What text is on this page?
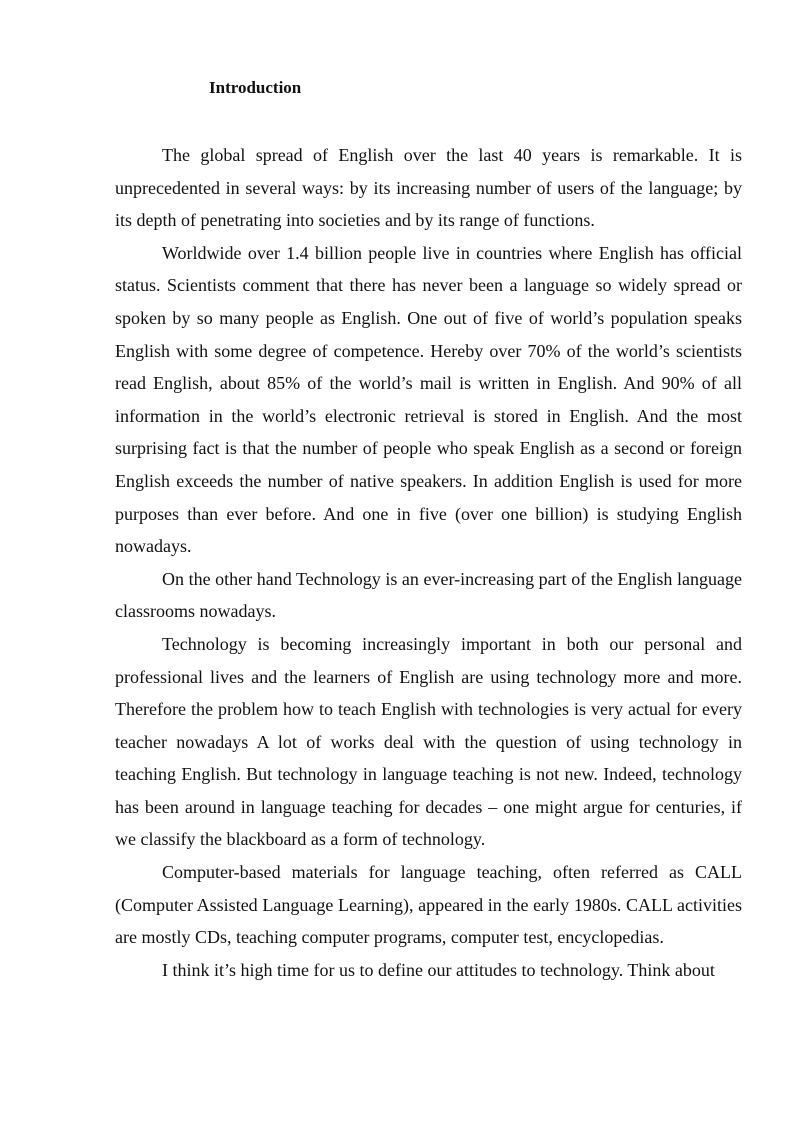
Introduction

The global spread of English over the last 40 years is remarkable. It is unprecedented in several ways: by its increasing number of users of the language; by its depth of penetrating into societies and by its range of functions.

Worldwide over 1.4 billion people live in countries where English has official status. Scientists comment that there has never been a language so widely spread or spoken by so many people as English. One out of five of world’s population speaks English with some degree of competence. Hereby over 70% of the world’s scientists read English, about 85% of the world’s mail is written in English. And 90% of all information in the world’s electronic retrieval is stored in English. And the most surprising fact is that the number of people who speak English as a second or foreign English exceeds the number of native speakers. In addition English is used for more purposes than ever before. And one in five (over one billion) is studying English nowadays.

On the other hand Technology is an ever-increasing part of the English language classrooms nowadays.

Technology is becoming increasingly important in both our personal and professional lives and the learners of English are using technology more and more. Therefore the problem how to teach English with technologies is very actual for every teacher nowadays A lot of works deal with the question of using technology in teaching English. But technology in language teaching is not new. Indeed, technology has been around in language teaching for decades – one might argue for centuries, if we classify the blackboard as a form of technology.

Computer-based materials for language teaching, often referred as CALL (Computer Assisted Language Learning), appeared in the early 1980s. CALL activities are mostly CDs, teaching computer programs, computer test, encyclopedias.

I think it’s high time for us to define our attitudes to technology. Think about
